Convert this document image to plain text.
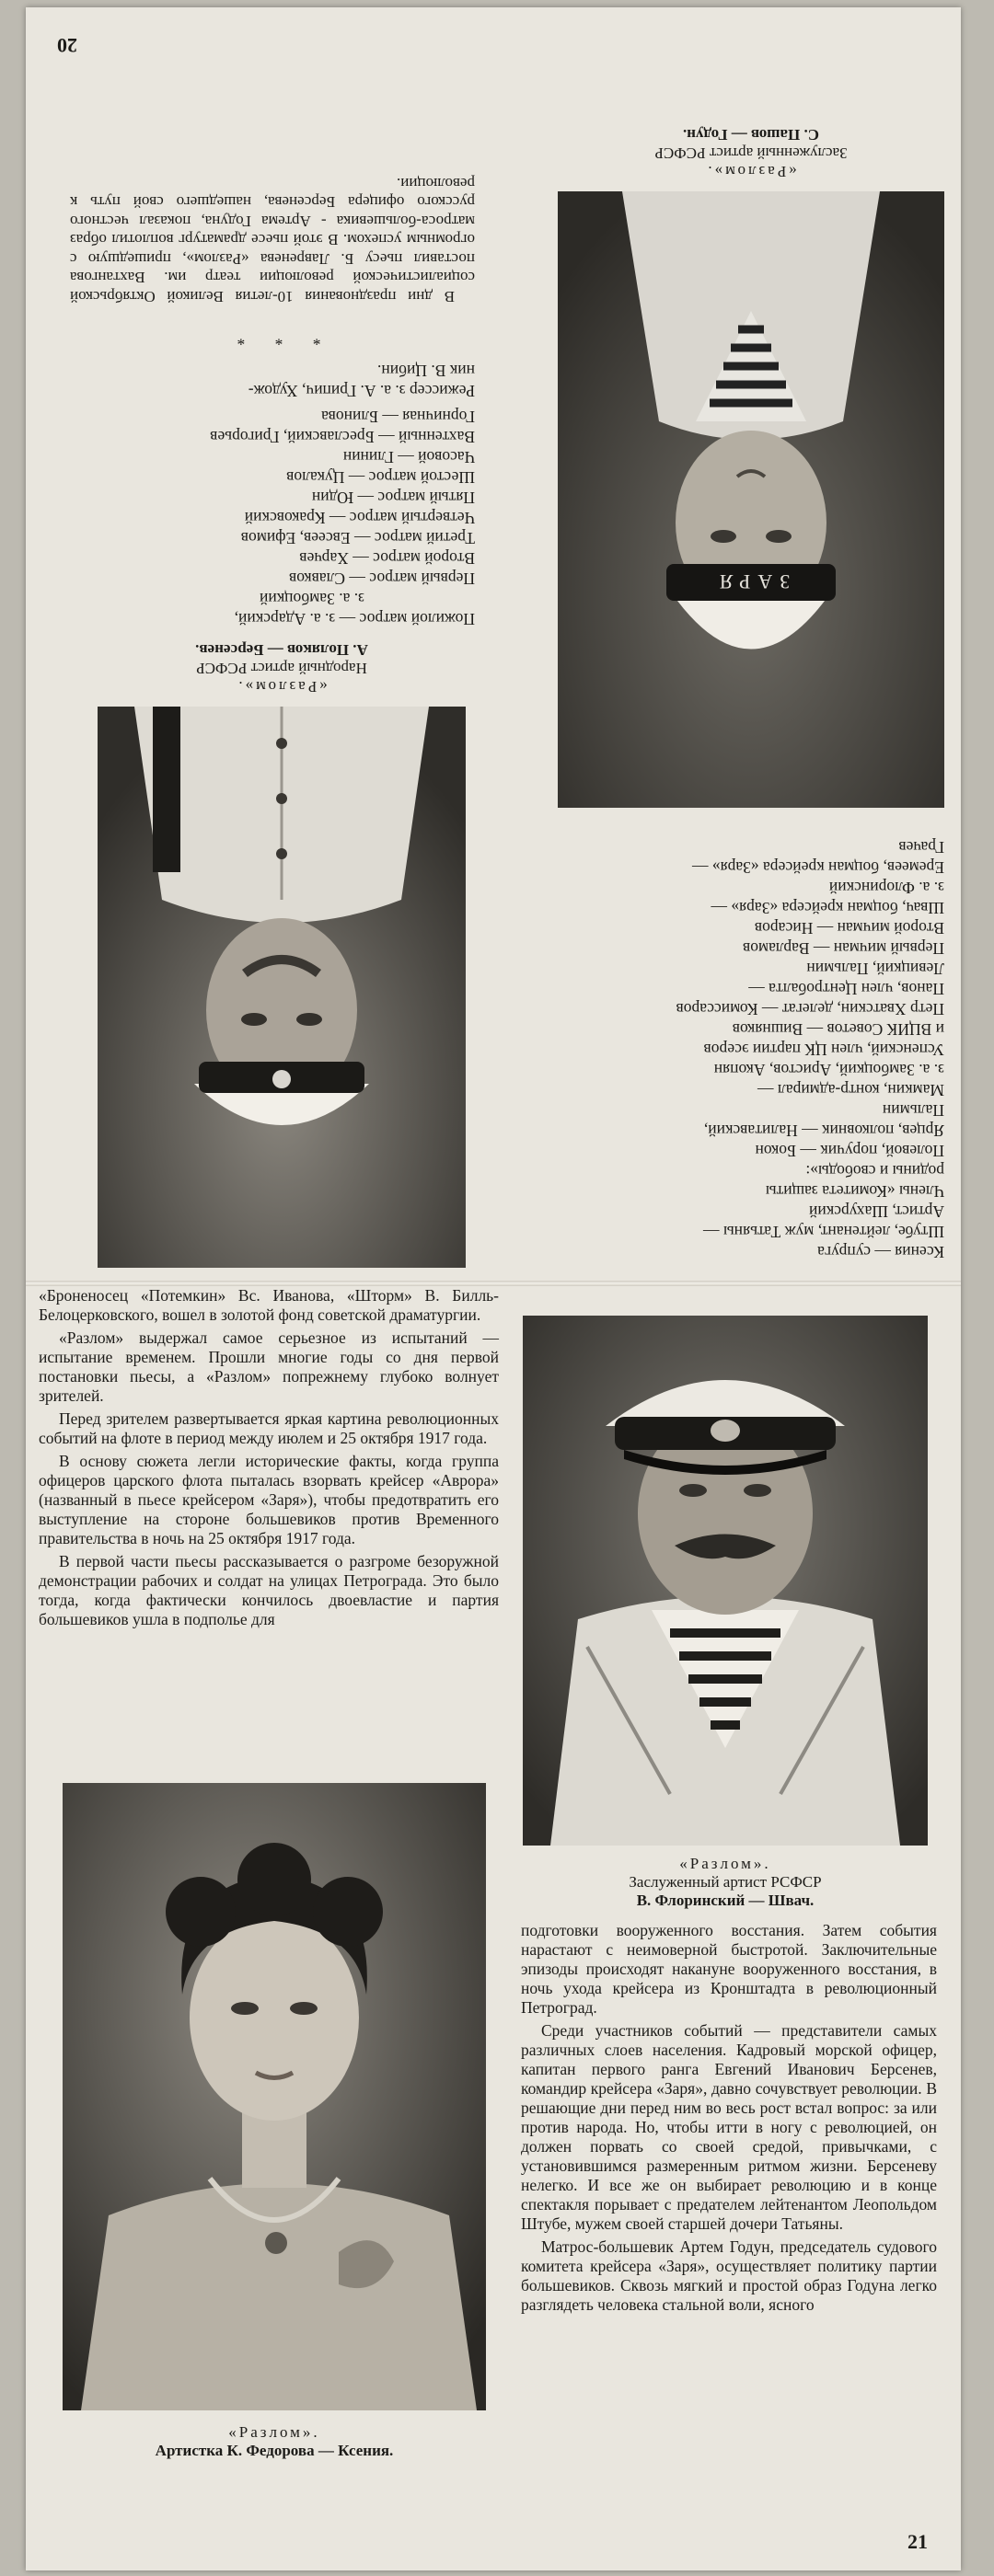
20
ЗАРЯ
«Разлом».
Заслуженный артист РСФСР
С. Пашов — Годун.
Ксения — супруга
Штубе, лейтенант, муж Татьяны —
Артист, Шахурский
Члены «Комитета защиты
родины и свободы»:
Полевой, поручик — Бокон
Ярцев, полковник — Налитавский,
Пальмин
Мамкин, контр-адмирал —
з. а. Замбоцкий, Аристов, Акопян
Успенский, член ЦК партии эсеров
и ВЦИК Советов — Вишняков
Петр Хватскин, делегат — Комиссаров
Панов, член Центробалта —
Левицкий, Пальмин
Первый мичман — Варламов
Второй мичман — Нисаров
Швач, боцман крейсера «Заря» —
з. а. Флоринский
Еремеев, боцман крейсера «Заря» —
Грачев
«Разлом».
Народный артист РСФСР
А. Поляков — Берсенев.
Пожилой матрос — з. а. Адарский,
з. а. Замбоцкий
Первый матрос — Славков
Второй матрос — Харчев
Третий матрос — Евсеев, Ефимов
Четвертый матрос — Краковский
Пятый матрос — Юдин
Шестой матрос — Цукалов
Часовой — Глинин
Вахтенный — Бреславский, Григорьев
Горничная — Блинова
Режиссер з. а. А. Грипич, Худож-
ник В. Цибин.
* * *

В дни празднования 10-летия Великой Октябрьской социалистической революции театр им. Вахтангова поставил пьесу Б. Лавренева «Разлом», пришедшую с огромным успехом. В этой пьесе драматург воплотил образ матроса-большевика - Артема Годуна, показал честного русского офицера Берсенева, нашедшего свой путь к революции.

«Броненосец «Потемкин» Вс. Иванова, «Шторм» В. Билль-Белоцерковского, вошел в золотой фонд советской драматургии.

«Разлом» выдержал самое серьезное из испытаний — испытание временем. Прошли многие годы со дня первой постановки пьесы, а «Разлом» попрежнему глубоко волнует зрителей.

Перед зрителем развертывается яркая картина революционных событий на флоте в период между июлем и 25 октября 1917 года.

В основу сюжета легли исторические факты, когда группа офицеров царского флота пыталась взорвать крейсер «Аврора» (названный в пьесе крейсером «Заря»), чтобы предотвратить его выступление на стороне большевиков против Временного правительства в ночь на 25 октября 1917 года.

В первой части пьесы рассказывается о разгроме безоружной демонстрации рабочих и солдат на улицах Петрограда. Это было тогда, когда фактически кончилось двоевластие и партия большевиков ушла в подполье для

«Разлом».
Заслуженный артист РСФСР
В. Флоринский — Швач.
«Разлом».
Артистка К. Федорова — Ксения.

подготовки вооруженного восстания. Затем события нарастают с неимоверной быстротой. Заключительные эпизоды происходят накануне вооруженного восстания, в ночь ухода крейсера из Кронштадта в революционный Петроград.

Среди участников событий — представители самых различных слоев населения. Кадровый морской офицер, капитан первого ранга Евгений Иванович Берсенев, командир крейсера «Заря», давно сочувствует революции. В решающие дни перед ним во весь рост встал вопрос: за или против народа. Но, чтобы итти в ногу с революцией, он должен порвать со своей средой, привычками, с установившимся размеренным ритмом жизни. Берсеневу нелегко. И все же он выбирает революцию и в конце спектакля порывает с предателем лейтенантом Леопольдом Штубе, мужем своей старшей дочери Татьяны.

Матрос-большевик Артем Годун, председатель судового комитета крейсера «Заря», осуществляет политику партии большевиков. Сквозь мягкий и простой образ Годуна легко разглядеть человека стальной воли, ясного

21
